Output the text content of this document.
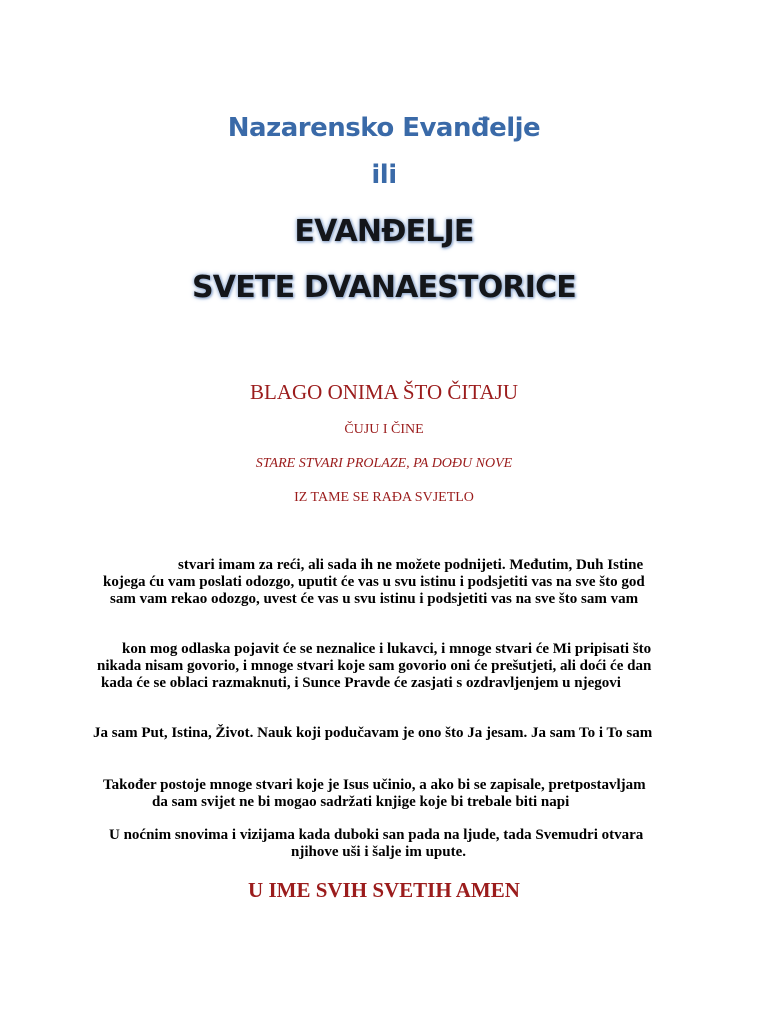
Nazarensko Evanđelje
ili
EVANĐELJE
SVETE DVANAESTORICE
BLAGO ONIMA ŠTO ČITAJU
ČUJU I ČINE
STARE STVARI PROLAZE, PA DOĐU NOVE
IZ TAME SE RAĐA SVJETLO
stvari imam za reći, ali sada ih ne možete podnijeti. Međutim, Duh Istine
kojega ću vam poslati odozgo, uputit će vas u svu istinu i podsjetiti vas na sve što god
sam vam rekao odozgo, uvest će vas u svu istinu i podsjetiti vas na sve što sam vam
kon mog odlaska pojavit će se neznalice i lukavci, i mnoge stvari će Mi pripisati što
nikada nisam govorio, i mnoge stvari koje sam govorio oni će prešutjeti, ali doći će dan
kada će se oblaci razmaknuti, i Sunce Pravde će zasjati s ozdravljenjem u njegovi
Ja sam Put, Istina, Život. Nauk koji podučavam je ono što Ja jesam. Ja sam To i To sam
Također postoje mnoge stvari koje je Isus učinio, a ako bi se zapisale, pretpostavljam
da sam svijet ne bi mogao sadržati knjige koje bi trebale biti napi
U noćnim snovima i vizijama kada duboki san pada na ljude, tada Svemudri otvara
njihove uši i šalje im upute.
U IME SVIH SVETIH AMEN
